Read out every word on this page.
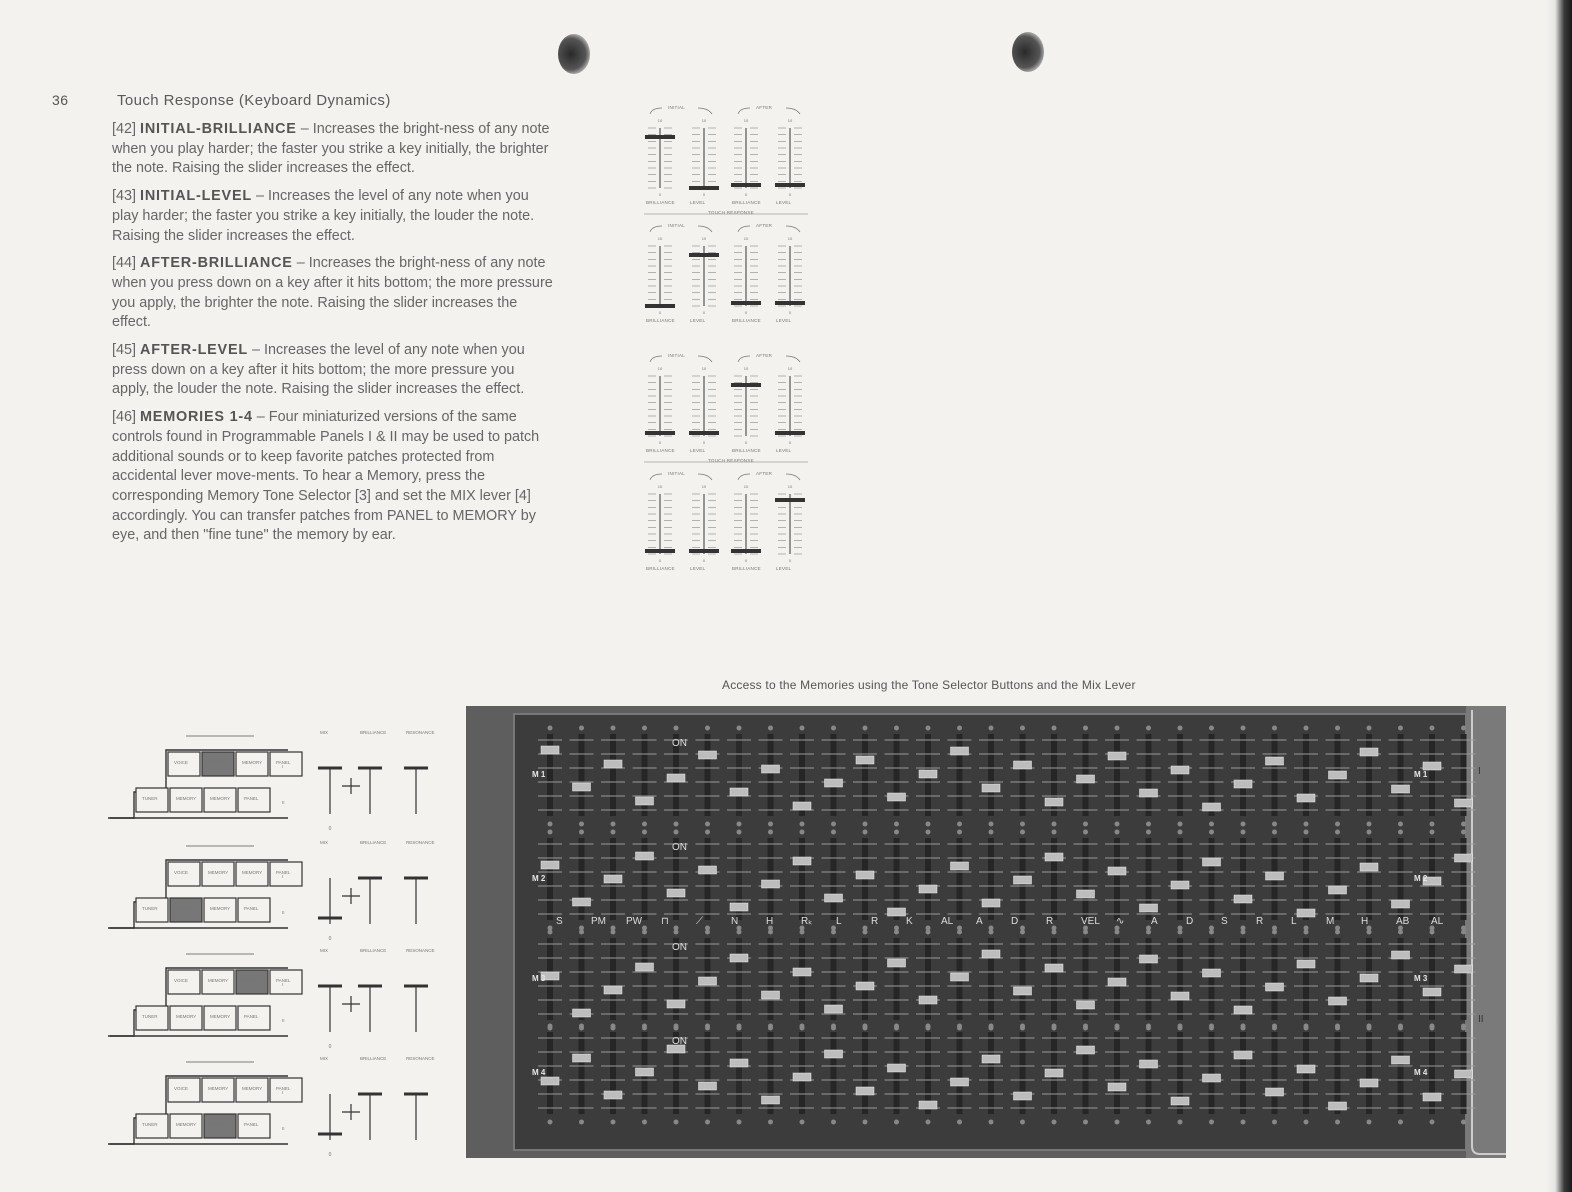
36	Touch Response (Keyboard Dynamics)

[42] INITIAL-BRILLIANCE – Increases the bright-ness of any note when you play harder; the faster you strike a key initially, the brighter the note. Raising the slider increases the effect.

[43] INITIAL-LEVEL – Increases the level of any note when you play harder; the faster you strike a key initially, the louder the note. Raising the slider increases the effect.

[44] AFTER-BRILLIANCE – Increases the bright-ness of any note when you press down on a key after it hits bottom; the more pressure you apply, the brighter the note. Raising the slider increases the effect.

[45] AFTER-LEVEL – Increases the level of any note when you press down on a key after it hits bottom; the more pressure you apply, the louder the note. Raising the slider increases the effect.

[46] MEMORIES 1-4 – Four miniaturized versions of the same controls found in Programmable Panels I & II may be used to patch additional sounds or to keep favorite patches protected from accidental lever move-ments. To hear a Memory, press the corresponding Memory Tone Selector [3] and set the MIX lever [4] accordingly. You can transfer patches from PANEL to MEMORY by eye, and then "fine tune" the memory by ear.

10
0
10
0
10
0
10
0
BRILLIANCE	LEVEL	BRILLIANCE	LEVEL
INITIAL	AFTER
TOUCH RESPONSE
10
0
10
0
10
0
10
0
BRILLIANCE	LEVEL	BRILLIANCE	LEVEL
INITIAL	AFTER
10
0
10
0
10
0
10
0
BRILLIANCE	LEVEL	BRILLIANCE	LEVEL
INITIAL	AFTER
TOUCH RESPONSE
10
0
10
0
10
0
10
0
BRILLIANCE	LEVEL	BRILLIANCE	LEVEL
INITIAL	AFTER
Access to the Memories using the Tone Selector Buttons and the Mix Lever
0
VOICE
TUNER
MEMORY
MEMORY
MEMORY
MEMORY
PANEL
PANEL
I
II
MIX	BRILLIANCE	RESONANCE
0
VOICE
TUNER
MEMORY
MEMORY
MEMORY
MEMORY
PANEL
PANEL
I
II
MIX	BRILLIANCE	RESONANCE
0
VOICE
TUNER
MEMORY
MEMORY
MEMORY
MEMORY
PANEL
PANEL
I
II
MIX	BRILLIANCE	RESONANCE
0
VOICE
TUNER
MEMORY
MEMORY
MEMORY
MEMORY
PANEL
PANEL
I
II
MIX	BRILLIANCE	RESONANCE
M 1	M 1
ON
M 2	M 2
ON
M 3	M 3
ON
M 4	M 4
ON
S	PM PW ⊓	⟋	N	H	Rₖ L	R	K	AL A	D	R	VEL ∿	A	D	S	R	L	M	H	AB AL
I
II
